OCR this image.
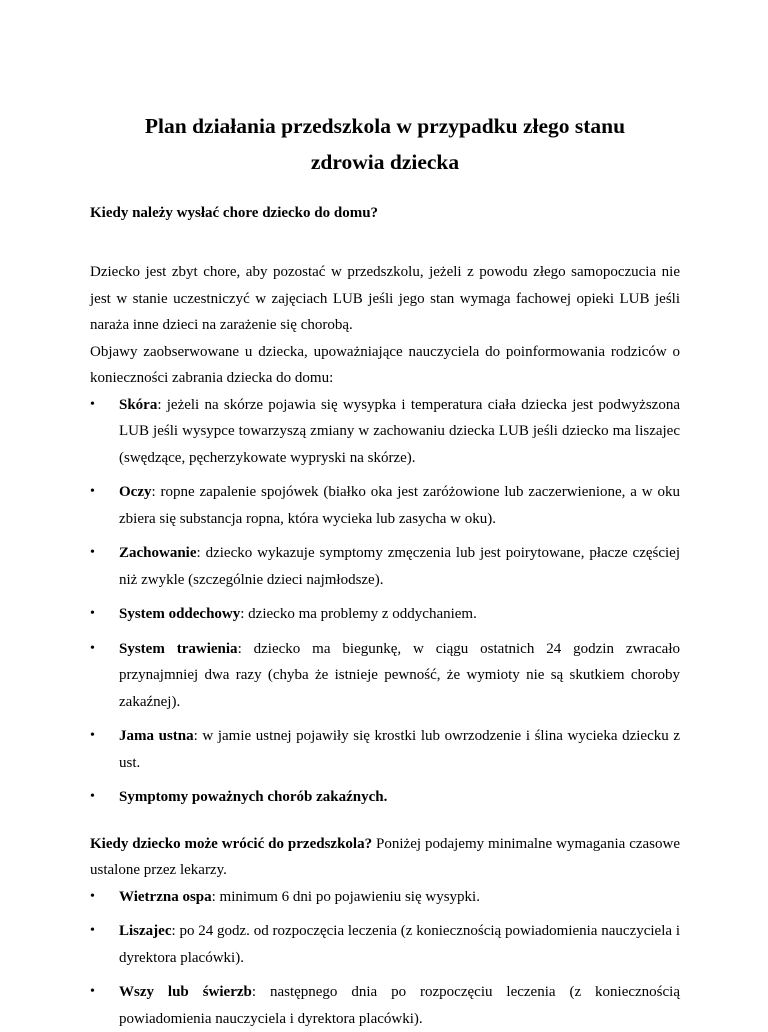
Plan działania przedszkola w przypadku złego stanu
zdrowia dziecka
Kiedy należy wysłać chore dziecko do domu?

Dziecko jest zbyt chore, aby pozostać w przedszkolu, jeżeli z powodu złego samopoczucia nie jest w stanie uczestniczyć w zajęciach LUB jeśli jego stan wymaga fachowej opieki LUB jeśli naraża inne dzieci na zarażenie się chorobą.

Objawy zaobserwowane u dziecka, upoważniające nauczyciela do poinformowania rodziców o konieczności zabrania dziecka do domu:

•	Skóra: jeżeli na skórze pojawia się wysypka i temperatura ciała dziecka jest podwyższona LUB jeśli wysypce towarzyszą zmiany w zachowaniu dziecka LUB jeśli dziecko ma liszajec (swędzące, pęcherzykowate wypryski na skórze).
•	Oczy: ropne zapalenie spojówek (białko oka jest zaróżowione lub zaczerwienione, a w oku zbiera się substancja ropna, która wycieka lub zasycha w oku).
•	Zachowanie: dziecko wykazuje symptomy zmęczenia lub jest poirytowane, płacze częściej niż zwykle (szczególnie dzieci najmłodsze).
•	System oddechowy: dziecko ma problemy z oddychaniem.
•	System trawienia: dziecko ma biegunkę, w ciągu ostatnich 24 godzin zwracało przynajmniej dwa razy (chyba że istnieje pewność, że wymioty nie są skutkiem choroby zakaźnej).
•	Jama ustna: w jamie ustnej pojawiły się krostki lub owrzodzenie i ślina wycieka dziecku z ust.
•	Symptomy poważnych chorób zakaźnych.

Kiedy dziecko może wrócić do przedszkola? Poniżej podajemy minimalne wymagania czasowe ustalone przez lekarzy.

•	Wietrzna ospa: minimum 6 dni po pojawieniu się wysypki.
•	Liszajec: po 24 godz. od rozpoczęcia leczenia (z koniecznością powiadomienia nauczyciela i dyrektora placówki).
•	Wszy lub świerzb: następnego dnia po rozpoczęciu leczenia (z koniecznością powiadomienia nauczyciela i dyrektora placówki).
